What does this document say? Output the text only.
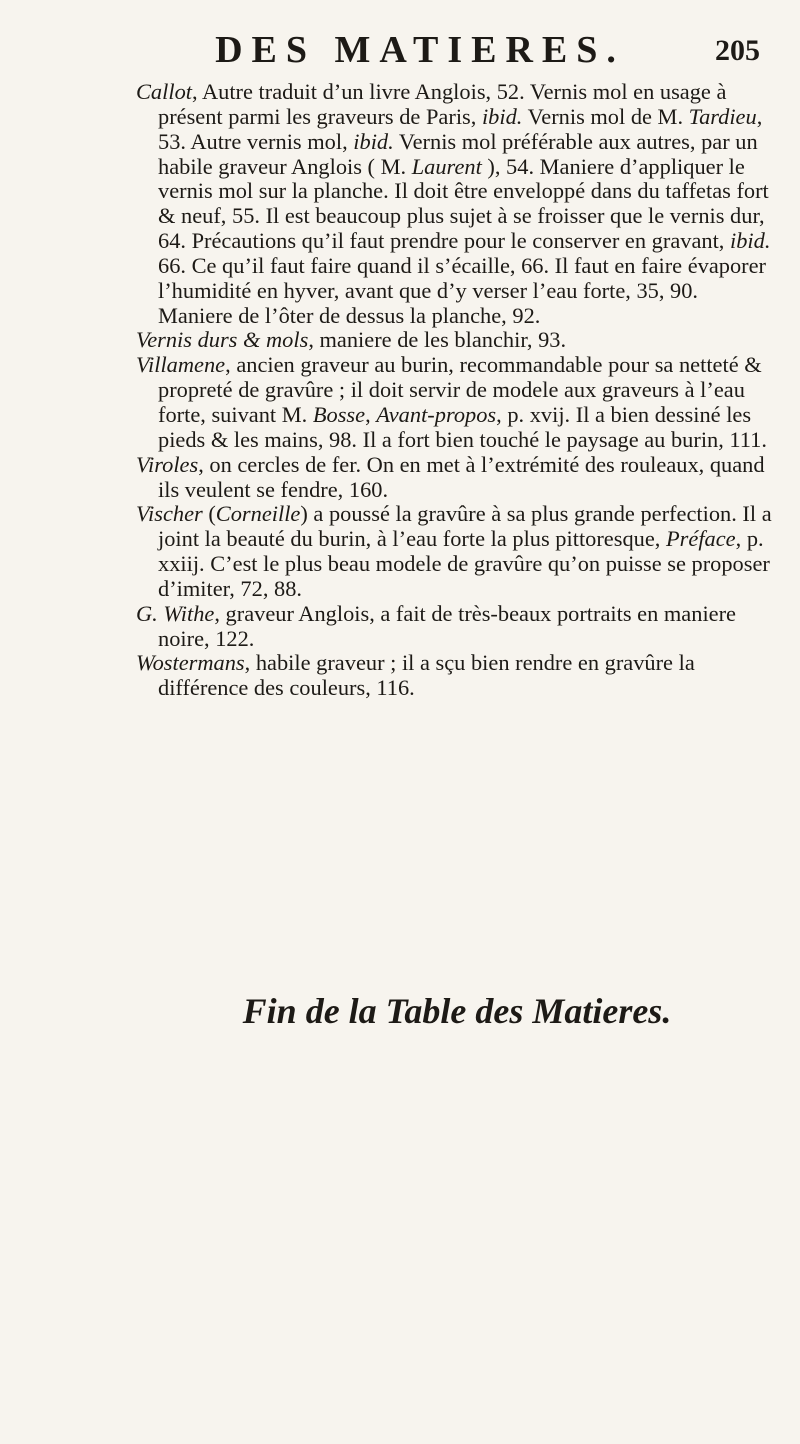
DES MATIERES.	205

Callot, Autre traduit d’un livre Anglois, 52. Vernis mol en usage à présent parmi les graveurs de Paris, ibid. Vernis mol de M. Tardieu, 53. Autre vernis mol, ibid. Vernis mol préférable aux autres, par un habile graveur Anglois ( M. Laurent ), 54. Maniere d’appliquer le vernis mol sur la planche. Il doit être enveloppé dans du taffetas fort & neuf, 55. Il est beaucoup plus sujet à se froisser que le vernis dur, 64. Précautions qu’il faut prendre pour le conserver en gravant, ibid. 66. Ce qu’il faut faire quand il s’écaille, 66. Il faut en faire évaporer l’humidité en hyver, avant que d’y verser l’eau forte, 35, 90. Maniere de l’ôter de dessus la planche, 92.

Vernis durs & mols, maniere de les blanchir, 93.

Villamene, ancien graveur au burin, recommandable pour sa netteté & propreté de gravûre ; il doit servir de modele aux graveurs à l’eau forte, suivant M. Bosse, Avant-propos, p. xvij. Il a bien dessiné les pieds & les mains, 98. Il a fort bien touché le paysage au burin, 111.

Viroles, on cercles de fer. On en met à l’extrémité des rouleaux, quand ils veulent se fendre, 160.

Vischer (Corneille) a poussé la gravûre à sa plus grande perfection. Il a joint la beauté du burin, à l’eau forte la plus pittoresque, Préface, p. xxiij. C’est le plus beau modele de gravûre qu’on puisse se proposer d’imiter, 72, 88.

G. Withe, graveur Anglois, a fait de très-beaux portraits en maniere noire, 122.

Wostermans, habile graveur ; il a sçu bien rendre en gravûre la différence des couleurs, 116.

Fin de la Table des Matieres.
